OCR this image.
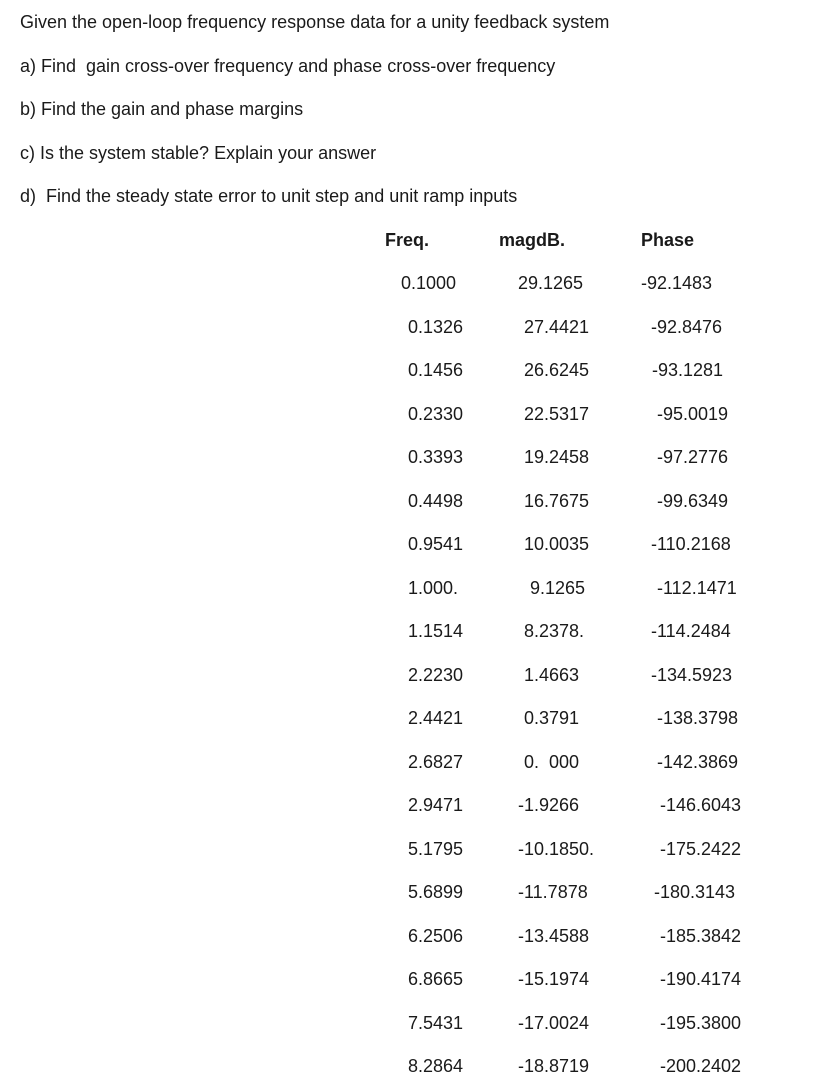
Given the open-loop frequency response data for a unity feedback system
a) Find  gain cross-over frequency and phase cross-over frequency
b) Find the gain and phase margins
c) Is the system stable? Explain your answer
d)  Find the steady state error to unit step and unit ramp inputs
Freq.	magdB.	Phase
0.1000	29.1265	-92.1483
0.1326	27.4421	-92.8476
0.1456	26.6245	-93.1281
0.2330	22.5317	-95.0019
0.3393	19.2458	-97.2776
0.4498	16.7675	-99.6349
0.9541	10.0035	-110.2168
1.000.	9.1265	-112.1471
1.1514	8.2378.	-114.2484
2.2230	1.4663	-134.5923
2.4421	0.3791	-138.3798
2.6827	0.  000	-142.3869
2.9471	-1.9266	-146.6043
5.1795	-10.1850.	-175.2422
5.6899	-11.7878	-180.3143
6.2506	-13.4588	-185.3842
6.8665	-15.1974	-190.4174
7.5431	-17.0024	-195.3800
8.2864	-18.8719	-200.2402
